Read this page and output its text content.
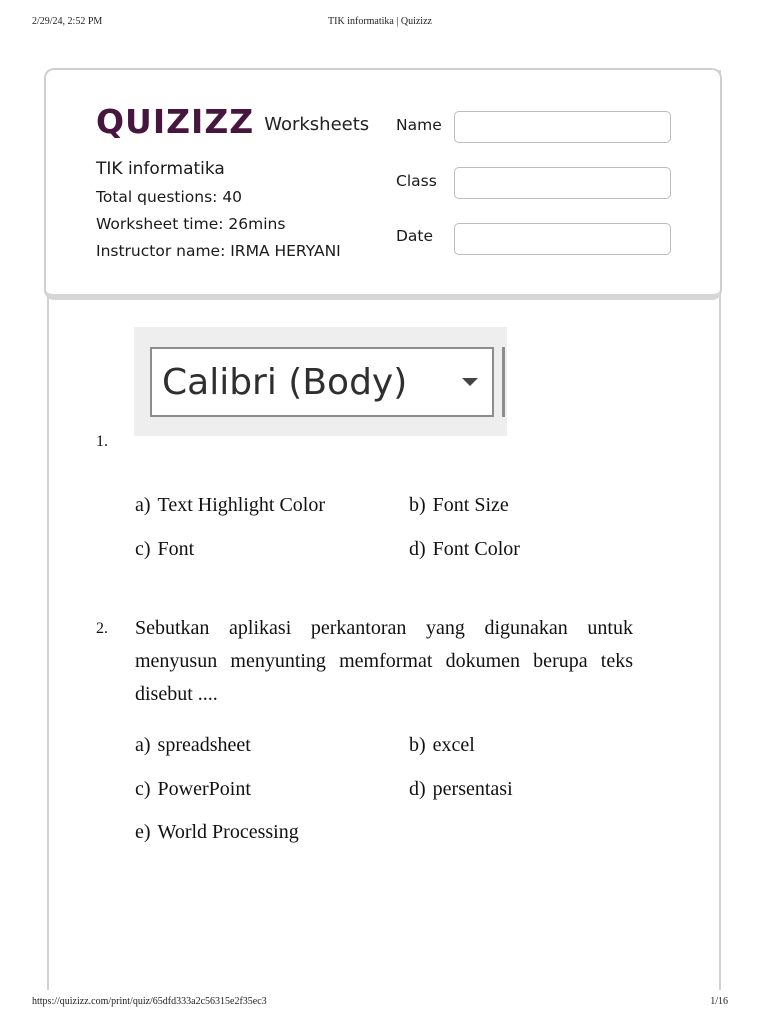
2/29/24, 2:52 PM	TIK informatika | Quizizz
QUIZIZZ Worksheets
TIK informatika
Total questions: 40
Worksheet time: 26mins
Instructor name: IRMA HERYANI
Name
Class
Date
Calibri (Body)
1.
a) Text Highlight Color	b) Font Size
c) Font	d) Font Color
2. Sebutkan aplikasi perkantoran yang digunakan untuk menyusun menyunting memformat dokumen berupa teks disebut ....
a) spreadsheet	b) excel
c) PowerPoint	d) persentasi
e) World Processing
https://quizizz.com/print/quiz/65dfd333a2c56315e2f35ec3	1/16
